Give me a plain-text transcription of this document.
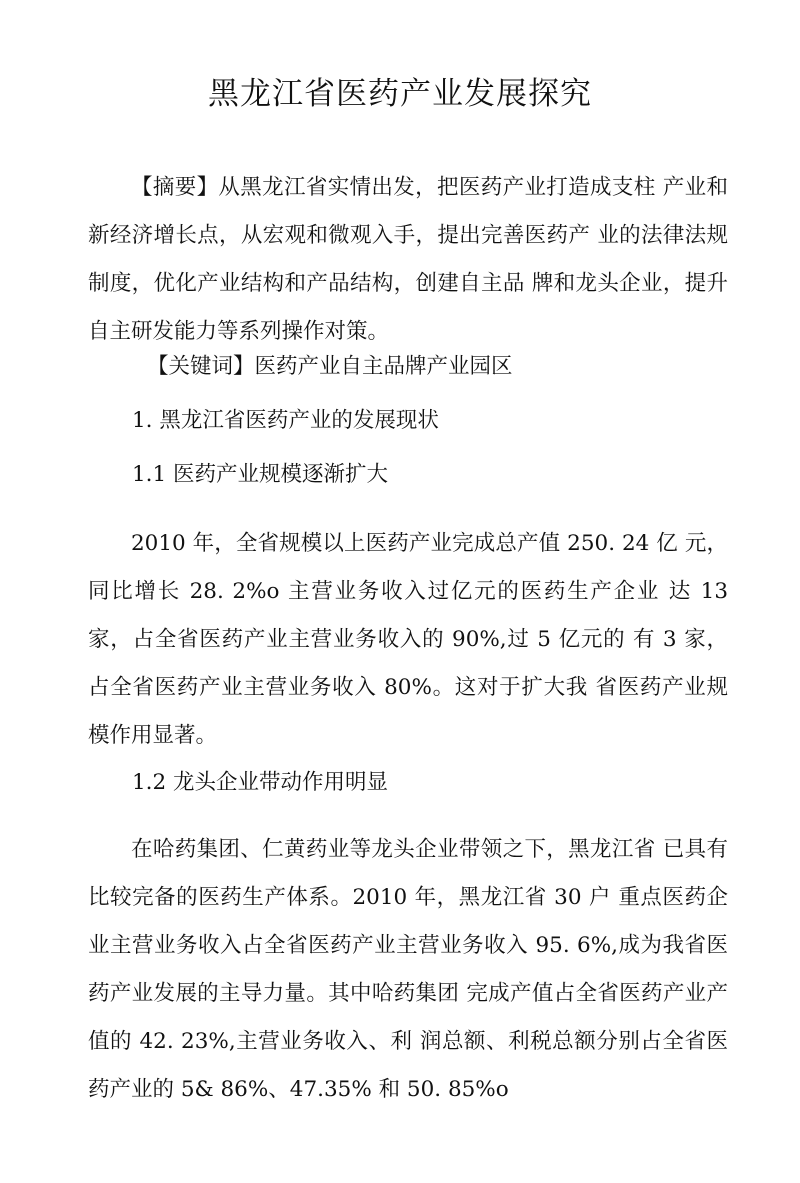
黑龙江省医药产业发展探究

【摘要】从黑龙江省实情出发，把医药产业打造成支柱 产业和新经济增长点，从宏观和微观入手，提出完善医药产 业的法律法规制度，优化产业结构和产品结构，创建自主品 牌和龙头企业，提升自主研发能力等系列操作对策。

【关键词】医药产业自主品牌产业园区

1. 黑龙江省医药产业的发展现状

1.1 医药产业规模逐渐扩大

2010 年，全省规模以上医药产业完成总产值 250. 24 亿 元，同比增长 28. 2%o 主营业务收入过亿元的医药生产企业 达 13 家，占全省医药产业主营业务收入的 90%,过 5 亿元的 有 3 家， 占全省医药产业主营业务收入 80%。这对于扩大我 省医药产业规模作用显著。

1.2 龙头企业带动作用明显

在哈药集团、仁黄药业等龙头企业带领之下，黑龙江省 已具有比较完备的医药生产体系。2010 年，黑龙江省 30 户 重点医药企业主营业务收入占全省医药产业主营业务收入 95. 6%,成为我省医药产业发展的主导力量。其中哈药集团 完成产值占全省医药产业产值的 42. 23%,主营业务收入、利 润总额、利税总额分别占全省医药产业的 5& 86%、47.35% 和 50. 85%o
